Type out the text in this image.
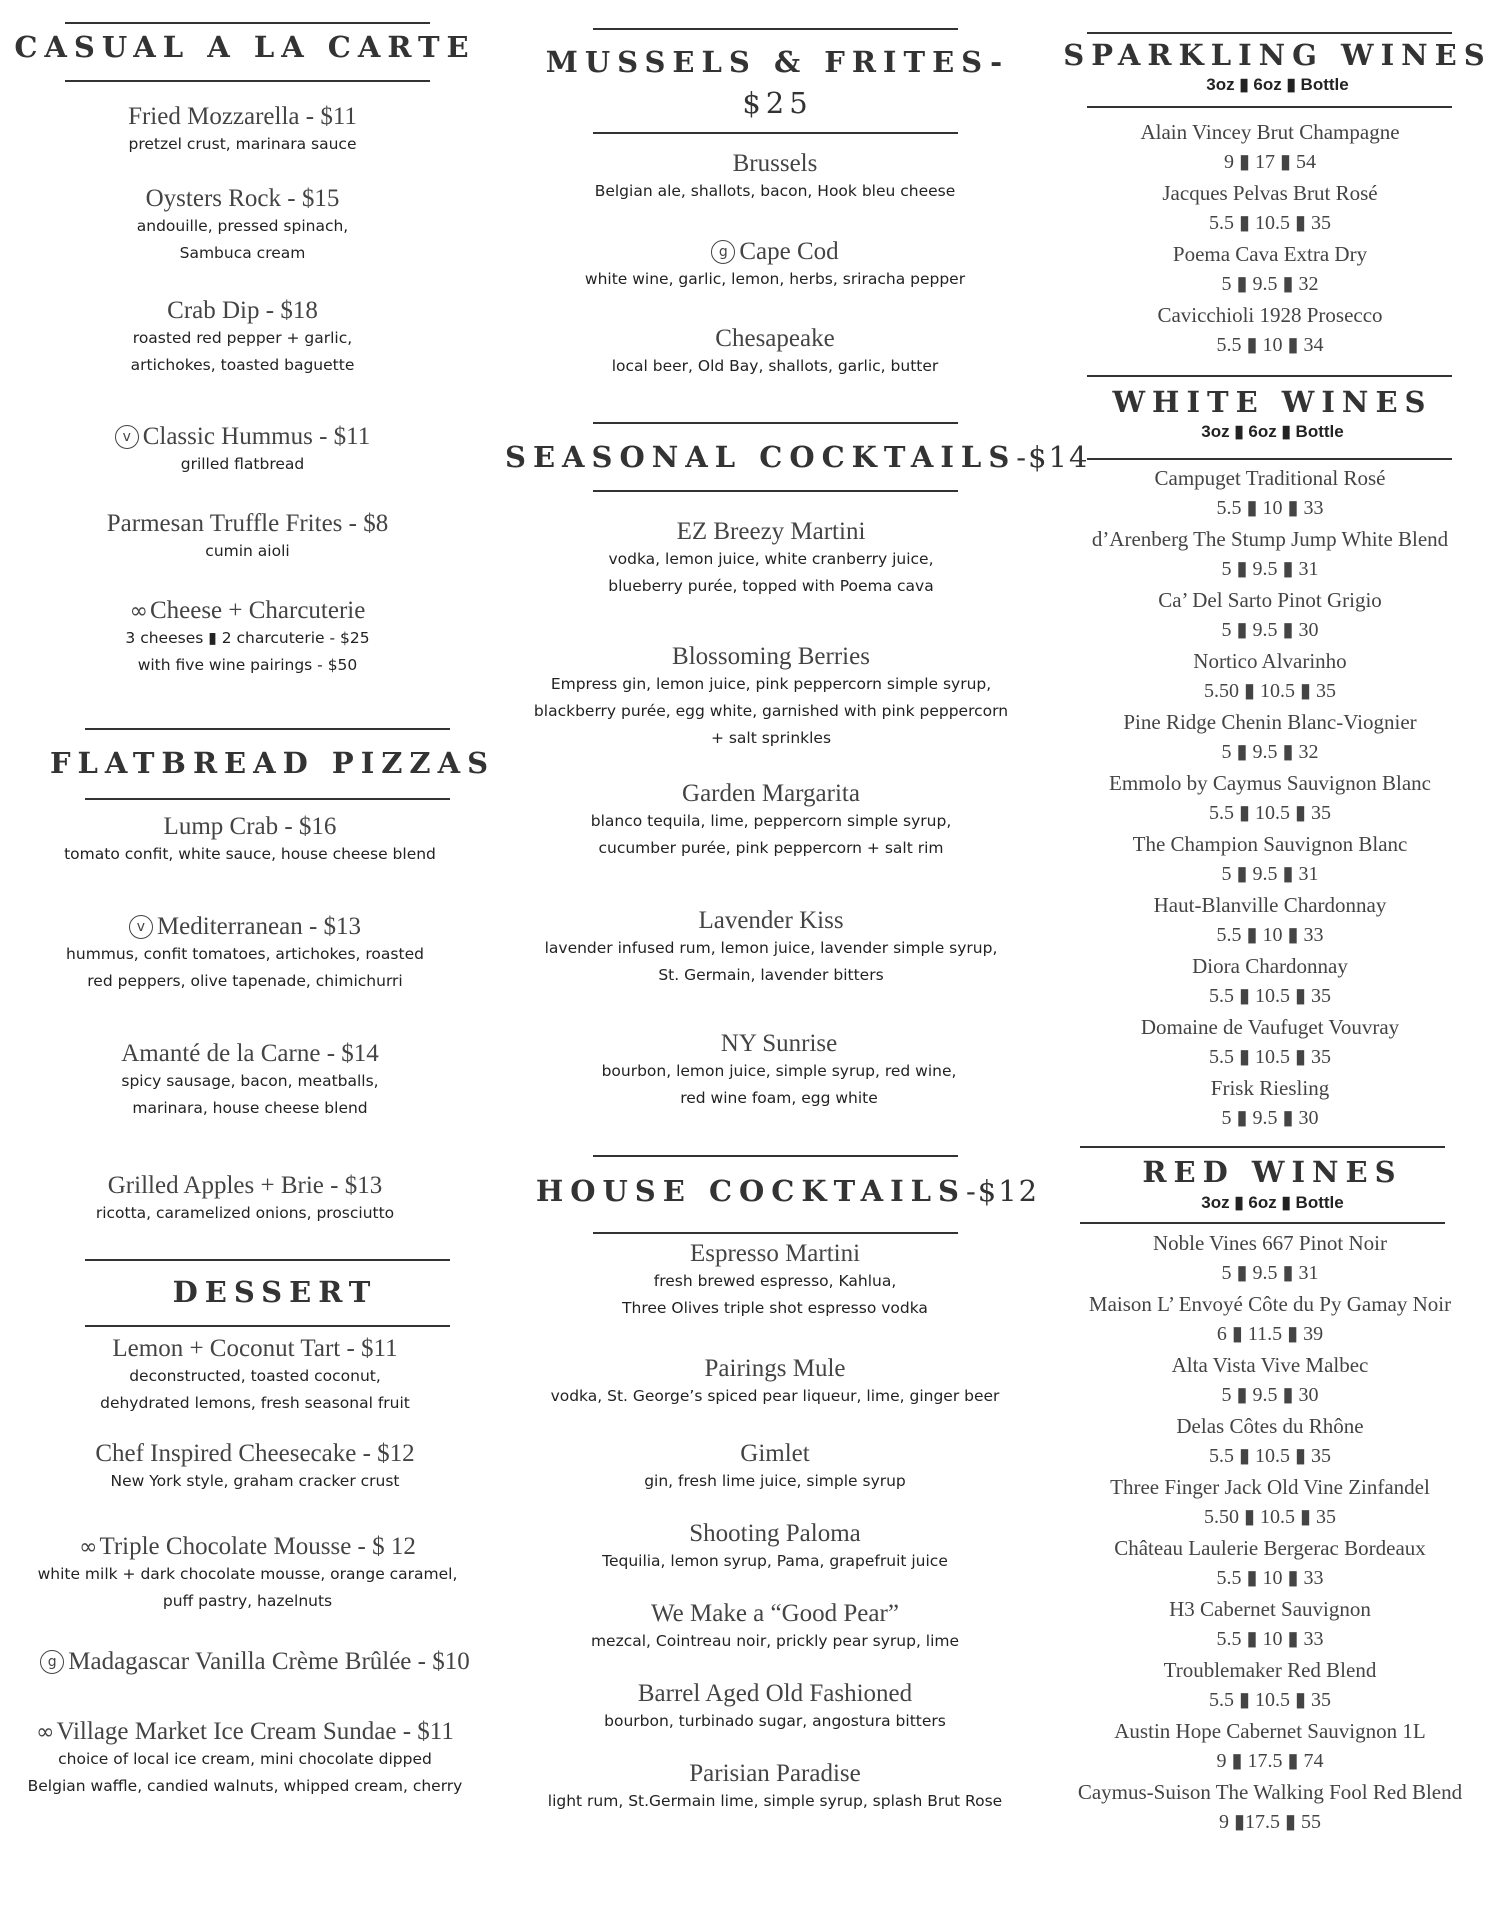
CASUAL A LA CARTE
Fried Mozzarella - $11
pretzel crust, marinara sauce
Oysters Rock - $15
andouille, pressed spinach,
Sambuca cream
Crab Dip - $18
roasted red pepper + garlic,
artichokes, toasted baguette
v Classic Hummus - $11
grilled flatbread
Parmesan Truffle Frites - $8
cumin aioli
∞Cheese + Charcuterie
3 cheeses ▮ 2 charcuterie - $25
with five wine pairings - $50
FLATBREAD PIZZAS
Lump Crab - $16
tomato confit, white sauce, house cheese blend
v Mediterranean - $13
hummus, confit tomatoes, artichokes, roasted
red peppers, olive tapenade, chimichurri
Amanté de la Carne - $14
spicy sausage, bacon, meatballs,
marinara, house cheese blend
Grilled Apples + Brie - $13
ricotta, caramelized onions, prosciutto
DESSERT
Lemon + Coconut Tart - $11
deconstructed, toasted coconut,
dehydrated lemons, fresh seasonal fruit
Chef Inspired Cheesecake - $12
New York style, graham cracker crust
∞Triple Chocolate Mousse - $ 12
white milk + dark chocolate mousse, orange caramel,
puff pastry, hazelnuts
g Madagascar Vanilla Crème Brûlée - $10
∞Village Market Ice Cream Sundae - $11
choice of local ice cream, mini chocolate dipped
Belgian waffle, candied walnuts, whipped cream, cherry
MUSSELS & FRITES-
$25
Brussels
Belgian ale, shallots, bacon, Hook bleu cheese
g Cape Cod
white wine, garlic, lemon, herbs, sriracha pepper
Chesapeake
local beer, Old Bay, shallots, garlic, butter
SEASONAL COCKTAILS-$14
EZ Breezy Martini
vodka, lemon juice, white cranberry juice,
blueberry purée, topped with Poema cava
Blossoming Berries
Empress gin, lemon juice, pink peppercorn simple syrup,
blackberry purée, egg white, garnished with pink peppercorn
+ salt sprinkles
Garden Margarita
blanco tequila, lime, peppercorn simple syrup,
cucumber purée, pink peppercorn + salt rim
Lavender Kiss
lavender infused rum, lemon juice, lavender simple syrup,
St. Germain, lavender bitters
NY Sunrise
bourbon, lemon juice, simple syrup, red wine,
red wine foam, egg white
HOUSE COCKTAILS-$12
Espresso Martini
fresh brewed espresso, Kahlua,
Three Olives triple shot espresso vodka
Pairings Mule
vodka, St. George’s spiced pear liqueur, lime, ginger beer
Gimlet
gin, fresh lime juice, simple syrup
Shooting Paloma
Tequilia, lemon syrup, Pama, grapefruit juice
We Make a “Good Pear”
mezcal, Cointreau noir, prickly pear syrup, lime
Barrel Aged Old Fashioned
bourbon, turbinado sugar, angostura bitters
Parisian Paradise
light rum, St.Germain lime, simple syrup, splash Brut Rose
SPARKLING WINES
3oz ▮ 6oz ▮ Bottle
Alain Vincey Brut Champagne
9 ▮ 17 ▮ 54
Jacques Pelvas Brut Rosé
5.5 ▮ 10.5 ▮ 35
Poema Cava Extra Dry
5 ▮ 9.5 ▮ 32
Cavicchioli 1928 Prosecco
5.5 ▮ 10 ▮ 34
WHITE WINES
3oz ▮ 6oz ▮ Bottle
Campuget Traditional Rosé
5.5 ▮ 10 ▮ 33
d’Arenberg The Stump Jump White Blend
5 ▮ 9.5 ▮ 31
Ca’ Del Sarto Pinot Grigio
5 ▮ 9.5 ▮ 30
Nortico Alvarinho
5.50 ▮ 10.5 ▮ 35
Pine Ridge Chenin Blanc-Viognier
5 ▮ 9.5 ▮ 32
Emmolo by Caymus Sauvignon Blanc
5.5 ▮ 10.5 ▮ 35
The Champion Sauvignon Blanc
5 ▮ 9.5 ▮ 31
Haut-Blanville Chardonnay
5.5 ▮ 10 ▮ 33
Diora Chardonnay
5.5 ▮ 10.5 ▮ 35
Domaine de Vaufuget Vouvray
5.5 ▮ 10.5 ▮ 35
Frisk Riesling
5 ▮ 9.5 ▮ 30
RED WINES
3oz ▮ 6oz ▮ Bottle
Noble Vines 667 Pinot Noir
5 ▮ 9.5 ▮ 31
Maison L’ Envoyé Côte du Py Gamay Noir
6 ▮ 11.5 ▮ 39
Alta Vista Vive Malbec
5 ▮ 9.5 ▮ 30
Delas Côtes du Rhône
5.5 ▮ 10.5 ▮ 35
Three Finger Jack Old Vine Zinfandel
5.50 ▮ 10.5 ▮ 35
Château Laulerie Bergerac Bordeaux
5.5 ▮ 10 ▮ 33
H3 Cabernet Sauvignon
5.5 ▮ 10 ▮ 33
Troublemaker Red Blend
5.5 ▮ 10.5 ▮ 35
Austin Hope Cabernet Sauvignon 1L
9 ▮ 17.5 ▮ 74
Caymus-Suison The Walking Fool Red Blend
9 ▮17.5 ▮ 55
